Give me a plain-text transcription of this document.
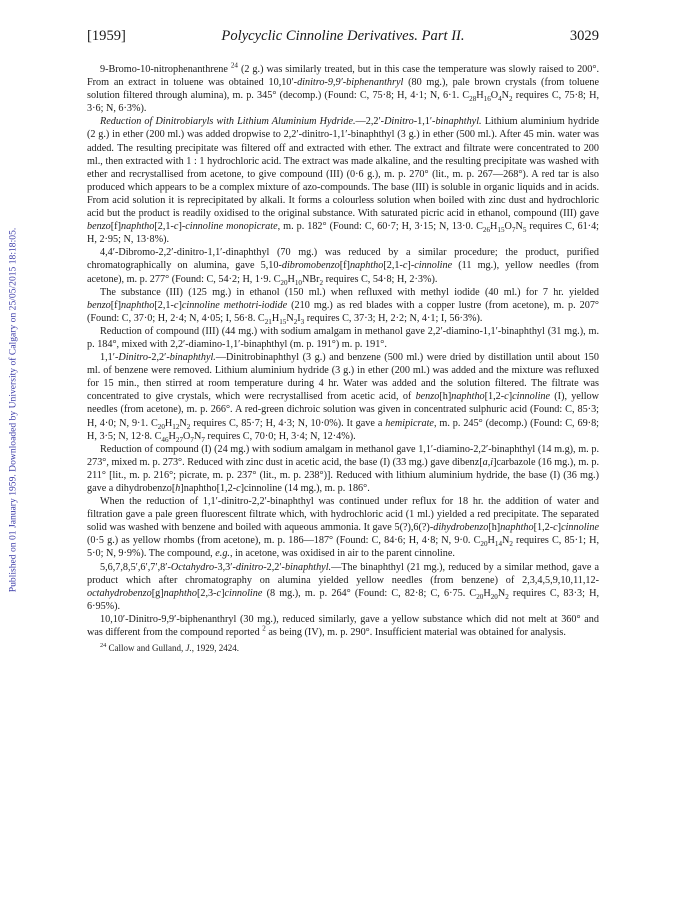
Published on 01 January 1959. Downloaded by University of Calgary on 25/05/2015 18:18:05.
[1959]	Polycyclic Cinnoline Derivatives. Part II.	3029

9-Bromo-10-nitrophenanthrene $^{24}$ (2 g.) was similarly treated, but in this case the temperature was slowly raised to 200°. From an extract in toluene was obtained 10,10′-dinitro-9,9′-biphenanthryl (80 mg.), pale brown crystals (from toluene solution filtered through alumina), m. p. 345° (decomp.) (Found: C, 75·8; H, 4·1; N, 6·1. $C_{28}H_{16}O_4N_2$ requires C, 75·8; H, 3·6; N, 6·3%).

Reduction of Dinitrobiaryls with Lithium Aluminium Hydride.—2,2′-Dinitro-1,1′-binaphthyl. Lithium aluminium hydride (2 g.) in ether (200 ml.) was added dropwise to 2,2′-dinitro-1,1′-binaphthyl (3 g.) in ether (500 ml.). After 45 min. water was added. The resulting precipitate was filtered off and extracted with ether. The extract and filtrate were concentrated to 200 ml., then extracted with 1 : 1 hydrochloric acid. The extract was made alkaline, and the resulting precipitate was washed with ether and recrystallised from acetone, to give compound (III) (0·6 g.), m. p. 270° (lit., m. p. 267—268°). A red tar is also produced which appears to be a complex mixture of azo-compounds. The base (III) is soluble in organic liquids and in acids. From acid solution it is reprecipitated by alkali. It forms a colourless solution when boiled with zinc dust and hydrochloric acid but the product is readily oxidised to the original substance. With saturated picric acid in ethanol, compound (III) gave benzo[f]naphtho[2,1-c]-cinnoline monopicrate, m. p. 182° (Found: C, 60·7; H, 3·15; N, 13·0. $C_{26}H_{15}O_7N_5$ requires C, 61·4; H, 2·95; N, 13·8%).

4,4′-Dibromo-2,2′-dinitro-1,1′-dinaphthyl (70 mg.) was reduced by a similar procedure; the product, purified chromatographically on alumina, gave 5,10-dibromobenzo[f]naphtho[2,1-c]-cinnoline (11 mg.), yellow needles (from acetone), m. p. 277° (Found: C, 54·2; H, 1·9. $C_{20}H_{10}NBr_2$ requires C, 54·8; H, 2·3%).

The substance (III) (125 mg.) in ethanol (150 ml.) when refluxed with methyl iodide (40 ml.) for 7 hr. yielded benzo[f]naphtho[2,1-c]cinnoline methotri-iodide (210 mg.) as red blades with a copper lustre (from acetone), m. p. 207° (Found: C, 37·0; H, 2·4; N, 4·05; I, 56·8. $C_{21}H_{15}N_2I_3$ requires C, 37·3; H, 2·2; N, 4·1; I, 56·3%).

Reduction of compound (III) (44 mg.) with sodium amalgam in methanol gave 2,2′-diamino-1,1′-binaphthyl (31 mg.), m. p. 184°, mixed with 2,2′-diamino-1,1′-binaphthyl (m. p. 191°) m. p. 191°.

1,1′-Dinitro-2,2′-binaphthyl.—Dinitrobinaphthyl (3 g.) and benzene (500 ml.) were dried by distillation until about 150 ml. of benzene were removed. Lithium aluminium hydride (3 g.) in ether (200 ml.) was added and the mixture was refluxed for 15 min., then stirred at room temperature during 4 hr. Water was added and the solution filtered. The filtrate was concentrated to give crystals, which were recrystallised from acetic acid, of benzo[h]naphtho[1,2-c]cinnoline (I), yellow needles (from acetone), m. p. 266°. A red-green dichroic solution was given in concentrated sulphuric acid (Found: C, 85·3; H, 4·0; N, 9·1. $C_{20}H_{12}N_2$ requires C, 85·7; H, 4·3; N, 10·0%). It gave a hemipicrate, m. p. 245° (decomp.) (Found: C, 69·8; H, 3·5; N, 12·8. $C_{46}H_{27}O_7N_7$ requires C, 70·0; H, 3·4; N, 12·4%).

Reduction of compound (I) (24 mg.) with sodium amalgam in methanol gave 1,1′-diamino-2,2′-binaphthyl (14 m.g), m. p. 273°, mixed m. p. 273°. Reduced with zinc dust in acetic acid, the base (I) (33 mg.) gave dibenz[a,i]carbazole (16 mg.), m. p. 211° [lit., m. p. 216°; picrate, m. p. 237° (lit., m. p. 238°)]. Reduced with lithium aluminium hydride, the base (I) (36 mg.) gave a dihydrobenzo[h]naphtho[1,2-c]cinnoline (14 mg.), m. p. 186°.

When the reduction of 1,1′-dinitro-2,2′-binaphthyl was continued under reflux for 18 hr. the addition of water and filtration gave a pale green fluorescent filtrate which, with hydrochloric acid (1 ml.) yielded a red precipitate. The separated solid was washed with benzene and boiled with aqueous ammonia. It gave 5(?),6(?)-dihydrobenzo[h]naphtho[1,2-c]cinnoline (0·5 g.) as yellow rhombs (from acetone), m. p. 186—187° (Found: C, 84·6; H, 4·8; N, 9·0. $C_{20}H_{14}N_2$ requires C, 85·1; H, 5·0; N, 9·9%). The compound, e.g., in acetone, was oxidised in air to the parent cinnoline.

5,6,7,8,5′,6′,7′,8′-Octahydro-3,3′-dinitro-2,2′-binaphthyl.—The binaphthyl (21 mg.), reduced by a similar method, gave a product which after chromatography on alumina yielded yellow needles (from benzene) of 2,3,4,5,9,10,11,12-octahydrobenzo[g]naphtho[2,3-c]cinnoline (8 mg.), m. p. 264° (Found: C, 82·8; C, 6·75. $C_{20}H_{20}N_2$ requires C, 83·3; H, 6·95%).

10,10′-Dinitro-9,9′-biphenanthryl (30 mg.), reduced similarly, gave a yellow substance which did not melt at 360° and was different from the compound reported $^2$ as being (IV), m. p. 290°. Insufficient material was obtained for analysis.

$^{24}$ Callow and Gulland, J., 1929, 2424.
